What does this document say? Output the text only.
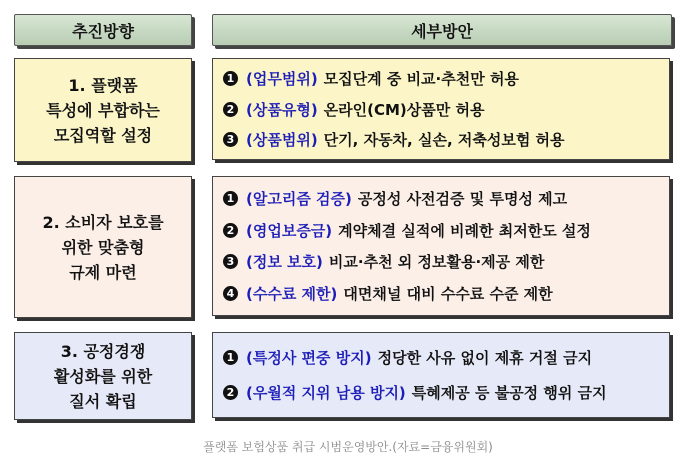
추진방향	세부방안
1. 플랫폼
특성에 부합하는
모집역할 설정
1 (업무범위) 모집단계 중 비교·추천만 허용
2 (상품유형) 온라인(CM)상품만 허용
3 (상품범위) 단기, 자동차, 실손, 저축성보험 허용
2. 소비자 보호를
위한 맞춤형
규제 마련
1 (알고리즘 검증) 공정성 사전검증 및 투명성 제고
2 (영업보증금) 계약체결 실적에 비례한 최저한도 설정
3 (정보 보호) 비교·추천 외 정보활용·제공 제한
4 (수수료 제한) 대면채널 대비 수수료 수준 제한
3. 공정경쟁
활성화를 위한
질서 확립
1 (특정사 편중 방지) 정당한 사유 없이 제휴 거절 금지
2 (우월적 지위 남용 방지) 특혜제공 등 불공정 행위 금지
플랫폼 보험상품 취급 시범운영방안.(자료=금융위원회)
